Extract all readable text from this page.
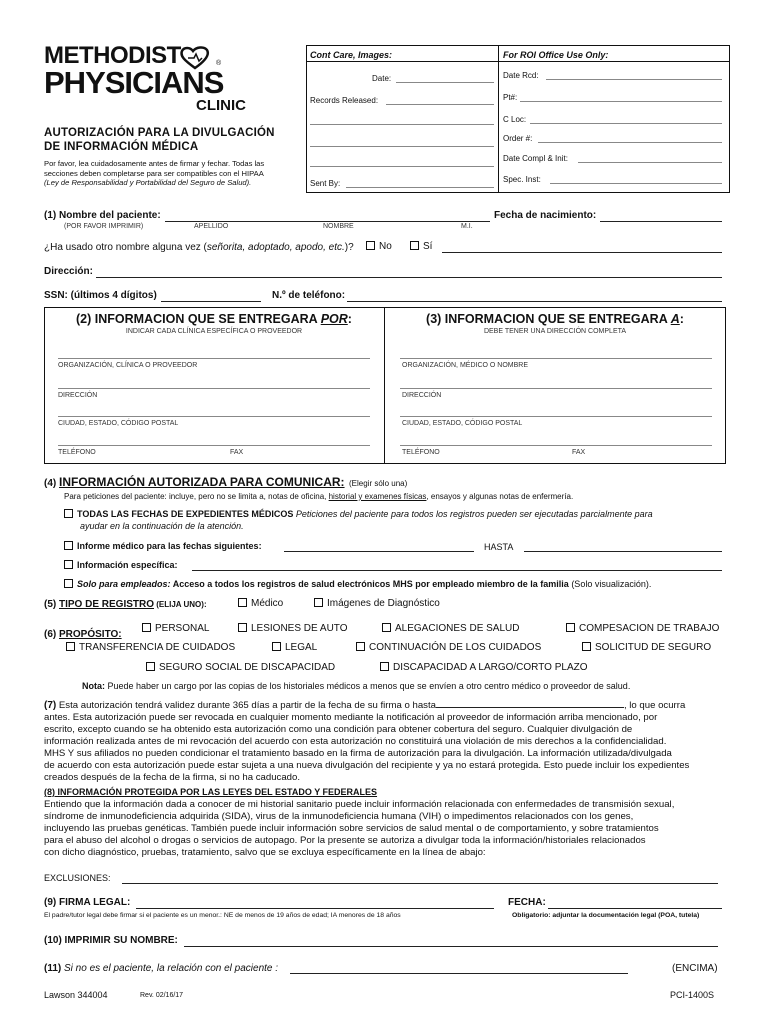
METHODIST	®
PHYSICIANS
CLINIC
AUTORIZACIÓN PARA LA DIVULGACIÓN
DE INFORMACIÓN MÉDICA
Por favor, lea cuidadosamente antes de firmar y fechar. Todas las
secciones deben completarse para ser compatibles con el HIPAA
(Ley de Responsabilidad y Portabilidad del Seguro de Salud).
Cont Care, Images:	For ROI Office Use Only:
Date:
Records Released:
Sent By:
Date Rcd:
Pt#:
C Loc:
Order #:
Date Compl & Init:
Spec. Inst:
(1) Nombre del paciente:	Fecha de nacimiento:
(POR FAVOR IMPRIMIR)	APELLIDO	NOMBRE	M.I.
¿Ha usado otro nombre alguna vez (señorita, adoptado, apodo, etc.)?	No	Sí
Dirección:
SSN: (últimos 4 dígitos)	N.º de teléfono:
(2) INFORMACION QUE SE ENTREGARA POR:
INDICAR CADA CLÍNICA ESPECÍFICA O PROVEEDOR
ORGANIZACIÓN, CLÍNICA O PROVEEDOR
DIRECCIÓN
CIUDAD, ESTADO, CÓDIGO POSTAL
TELÉFONO	FAX
(3) INFORMACION QUE SE ENTREGARA A:
DEBE TENER UNA DIRECCIÓN COMPLETA
ORGANIZACIÓN, MÉDICO O NOMBRE
DIRECCIÓN
CIUDAD, ESTADO, CÓDIGO POSTAL
TELÉFONO	FAX
(4) INFORMACIÓN AUTORIZADA PARA COMUNICAR: (Elegir sólo una)
Para peticiones del paciente: incluye, pero no se limita a, notas de oficina, historial y examenes físicas, ensayos y algunas notas de enfermería.
TODAS LAS FECHAS DE EXPEDIENTES MÉDICOS Peticiones del paciente para todos los registros pueden ser ejecutadas parcialmente para
ayudar en la continuación de la atención.
Informe médico para las fechas siguientes:	HASTA
Información específica:
Solo para empleados: Acceso a todos los registros de salud electrónicos MHS por empleado miembro de la familia (Solo visualización).
(5) TIPO DE REGISTRO (ELIJA UNO):	Médico	Imágenes de Diagnóstico
(6) PROPÓSITO:
PERSONAL	LESIONES DE AUTO	ALEGACIONES DE SALUD	COMPESACION DE TRABAJO
TRANSFERENCIA DE CUIDADOS	LEGAL	CONTINUACIÓN DE LOS CUIDADOS	SOLICITUD DE SEGURO
SEGURO SOCIAL DE DISCAPACIDAD	DISCAPACIDAD A LARGO/CORTO PLAZO
Nota: Puede haber un cargo por las copias de los historiales médicos a menos que se envíen a otro centro médico o proveedor de salud.
(7) Esta autorización tendrá validez durante 365 días a partir de la fecha de su firma o hasta	, lo que ocurra
antes. Esta autorización puede ser revocada en cualquier momento mediante la notificación al proveedor de información arriba mencionado, por
escrito, excepto cuando se ha obtenido esta autorización como una condición para obtener cobertura del seguro. Cualquier divulgación de
información realizada antes de mi revocación del acuerdo con esta autorización no constituirá una violación de mis derechos a la confidencialidad.
MHS Y sus afiliados no pueden condicionar el tratamiento basado en la firma de autorización para la divulgación. La información utilizada/divulgada
de acuerdo con esta autorización puede estar sujeta a una nueva divulgación del recipiente y ya no estará protegida. Esto puede incluir los expedientes
creados después de la fecha de la firma, si no ha caducado.
(8) INFORMACIÓN PROTEGIDA POR LAS LEYES DEL ESTADO Y FEDERALES
Entiendo que la información dada a conocer de mi historial sanitario puede incluir información relacionada con enfermedades de transmisión sexual,
síndrome de inmunodeficiencia adquirida (SIDA), virus de la inmunodeficiencia humana (VIH) o impedimentos relacionados con los genes,
incluyendo las pruebas genéticas. También puede incluir información sobre servicios de salud mental o de comportamiento, y sobre tratamientos
para el abuso del alcohol o drogas o servicios de autopago. Por la presente se autoriza a divulgar toda la información/historiales relacionados
con dicho diagnóstico, pruebas, tratamiento, salvo que se excluya específicamente en la línea de abajo:
EXCLUSIONES:
(9) FIRMA LEGAL:	FECHA:
El padre/tutor legal debe firmar si el paciente es un menor.: NE de menos de 19 años de edad; IA menores de 18 años	Obligatorio: adjuntar la documentación legal (POA, tutela)
(10) IMPRIMIR SU NOMBRE:
(11) Si no es el paciente, la relación con el paciente :	(ENCIMA)
Lawson 344004	Rev. 02/16/17	PCI-1400S
